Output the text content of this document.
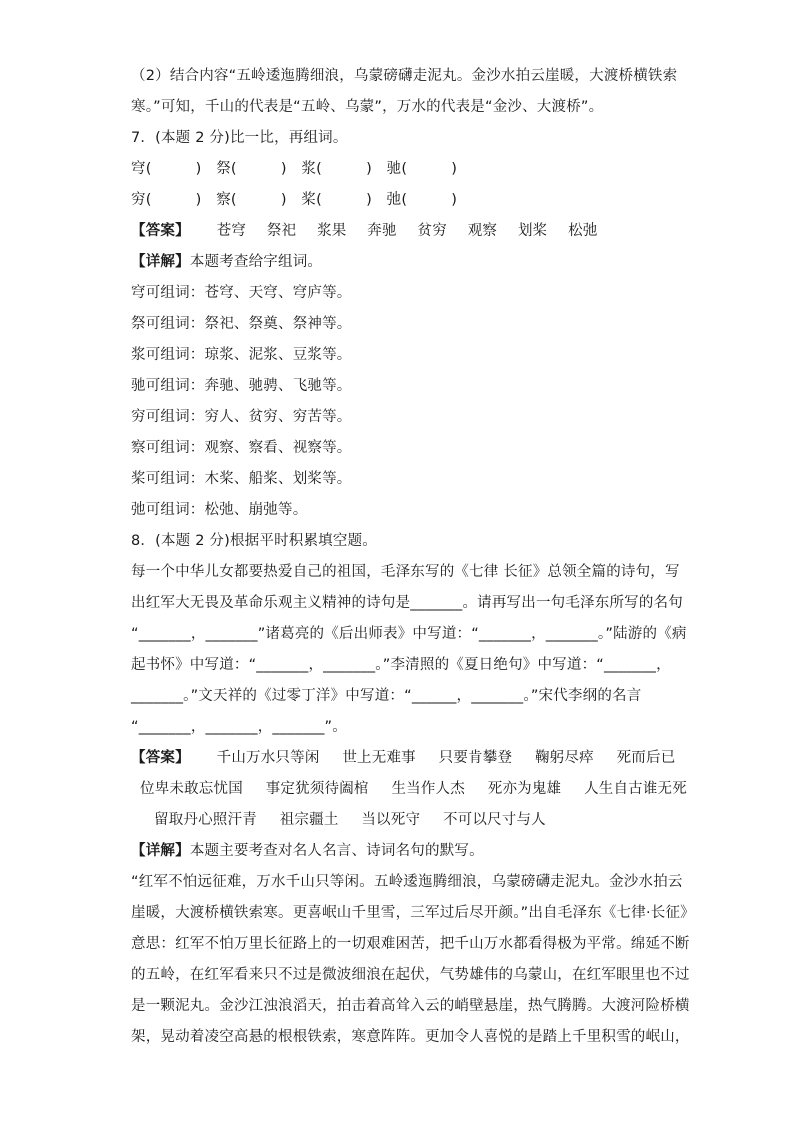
（2）结合内容“五岭逶迤腾细浪，乌蒙磅礴走泥丸。金沙水拍云崖暖，大渡桥横铁索
寒。”可知，千山的代表是“五岭、乌蒙”，万水的代表是“金沙、大渡桥”。
7．(本题 2 分)比一比，再组词。
穹(　　　)　祭(　　　)　浆(　　　)　驰(　　　)
穷(　　　)　察(　　　)　桨(　　　)　弛(　　　)
【答案】 苍穹 祭祀 浆果 奔驰 贫穷 观察 划桨 松弛
【详解】本题考查给字组词。
穹可组词：苍穹、天穹、穹庐等。
祭可组词：祭祀、祭奠、祭神等。
浆可组词：琼浆、泥浆、豆浆等。
驰可组词：奔驰、驰骋、飞驰等。
穷可组词：穷人、贫穷、穷苦等。
察可组词：观察、察看、视察等。
桨可组词：木桨、船桨、划桨等。
弛可组词：松弛、崩弛等。
8．(本题 2 分)根据平时积累填空题。
每一个中华儿女都要热爱自己的祖国，毛泽东写的《七律 长征》总领全篇的诗句，写
出红军大无畏及革命乐观主义精神的诗句是_______。请再写出一句毛泽东所写的名句
“_______，_______”诸葛亮的《后出师表》中写道：“_______，_______。”陆游的《病
起书怀》中写道：“_______，_______。”李清照的《夏日绝句》中写道：“_______，
_______。”文天祥的《过零丁洋》中写道：“______，_______。”宋代李纲的名言
“_______，_______，_______”。
【答案】 千山万水只等闲 世上无难事 只要肯攀登 鞠躬尽瘁 死而后已
位卑未敢忘忧国 事定犹须待阖棺 生当作人杰 死亦为鬼雄 人生自古谁无死
留取丹心照汗青 祖宗疆土 当以死守 不可以尺寸与人
【详解】本题主要考查对名人名言、诗词名句的默写。
“红军不怕远征难，万水千山只等闲。五岭逶迤腾细浪，乌蒙磅礴走泥丸。金沙水拍云
崖暖，大渡桥横铁索寒。更喜岷山千里雪，三军过后尽开颜。”出自毛泽东《七律·长征》
意思：红军不怕万里长征路上的一切艰难困苦，把千山万水都看得极为平常。绵延不断
的五岭，在红军看来只不过是微波细浪在起伏，气势雄伟的乌蒙山，在红军眼里也不过
是一颗泥丸。金沙江浊浪滔天，拍击着高耸入云的峭壁悬崖，热气腾腾。大渡河险桥横
架，晃动着凌空高悬的根根铁索，寒意阵阵。更加令人喜悦的是踏上千里积雪的岷山，
